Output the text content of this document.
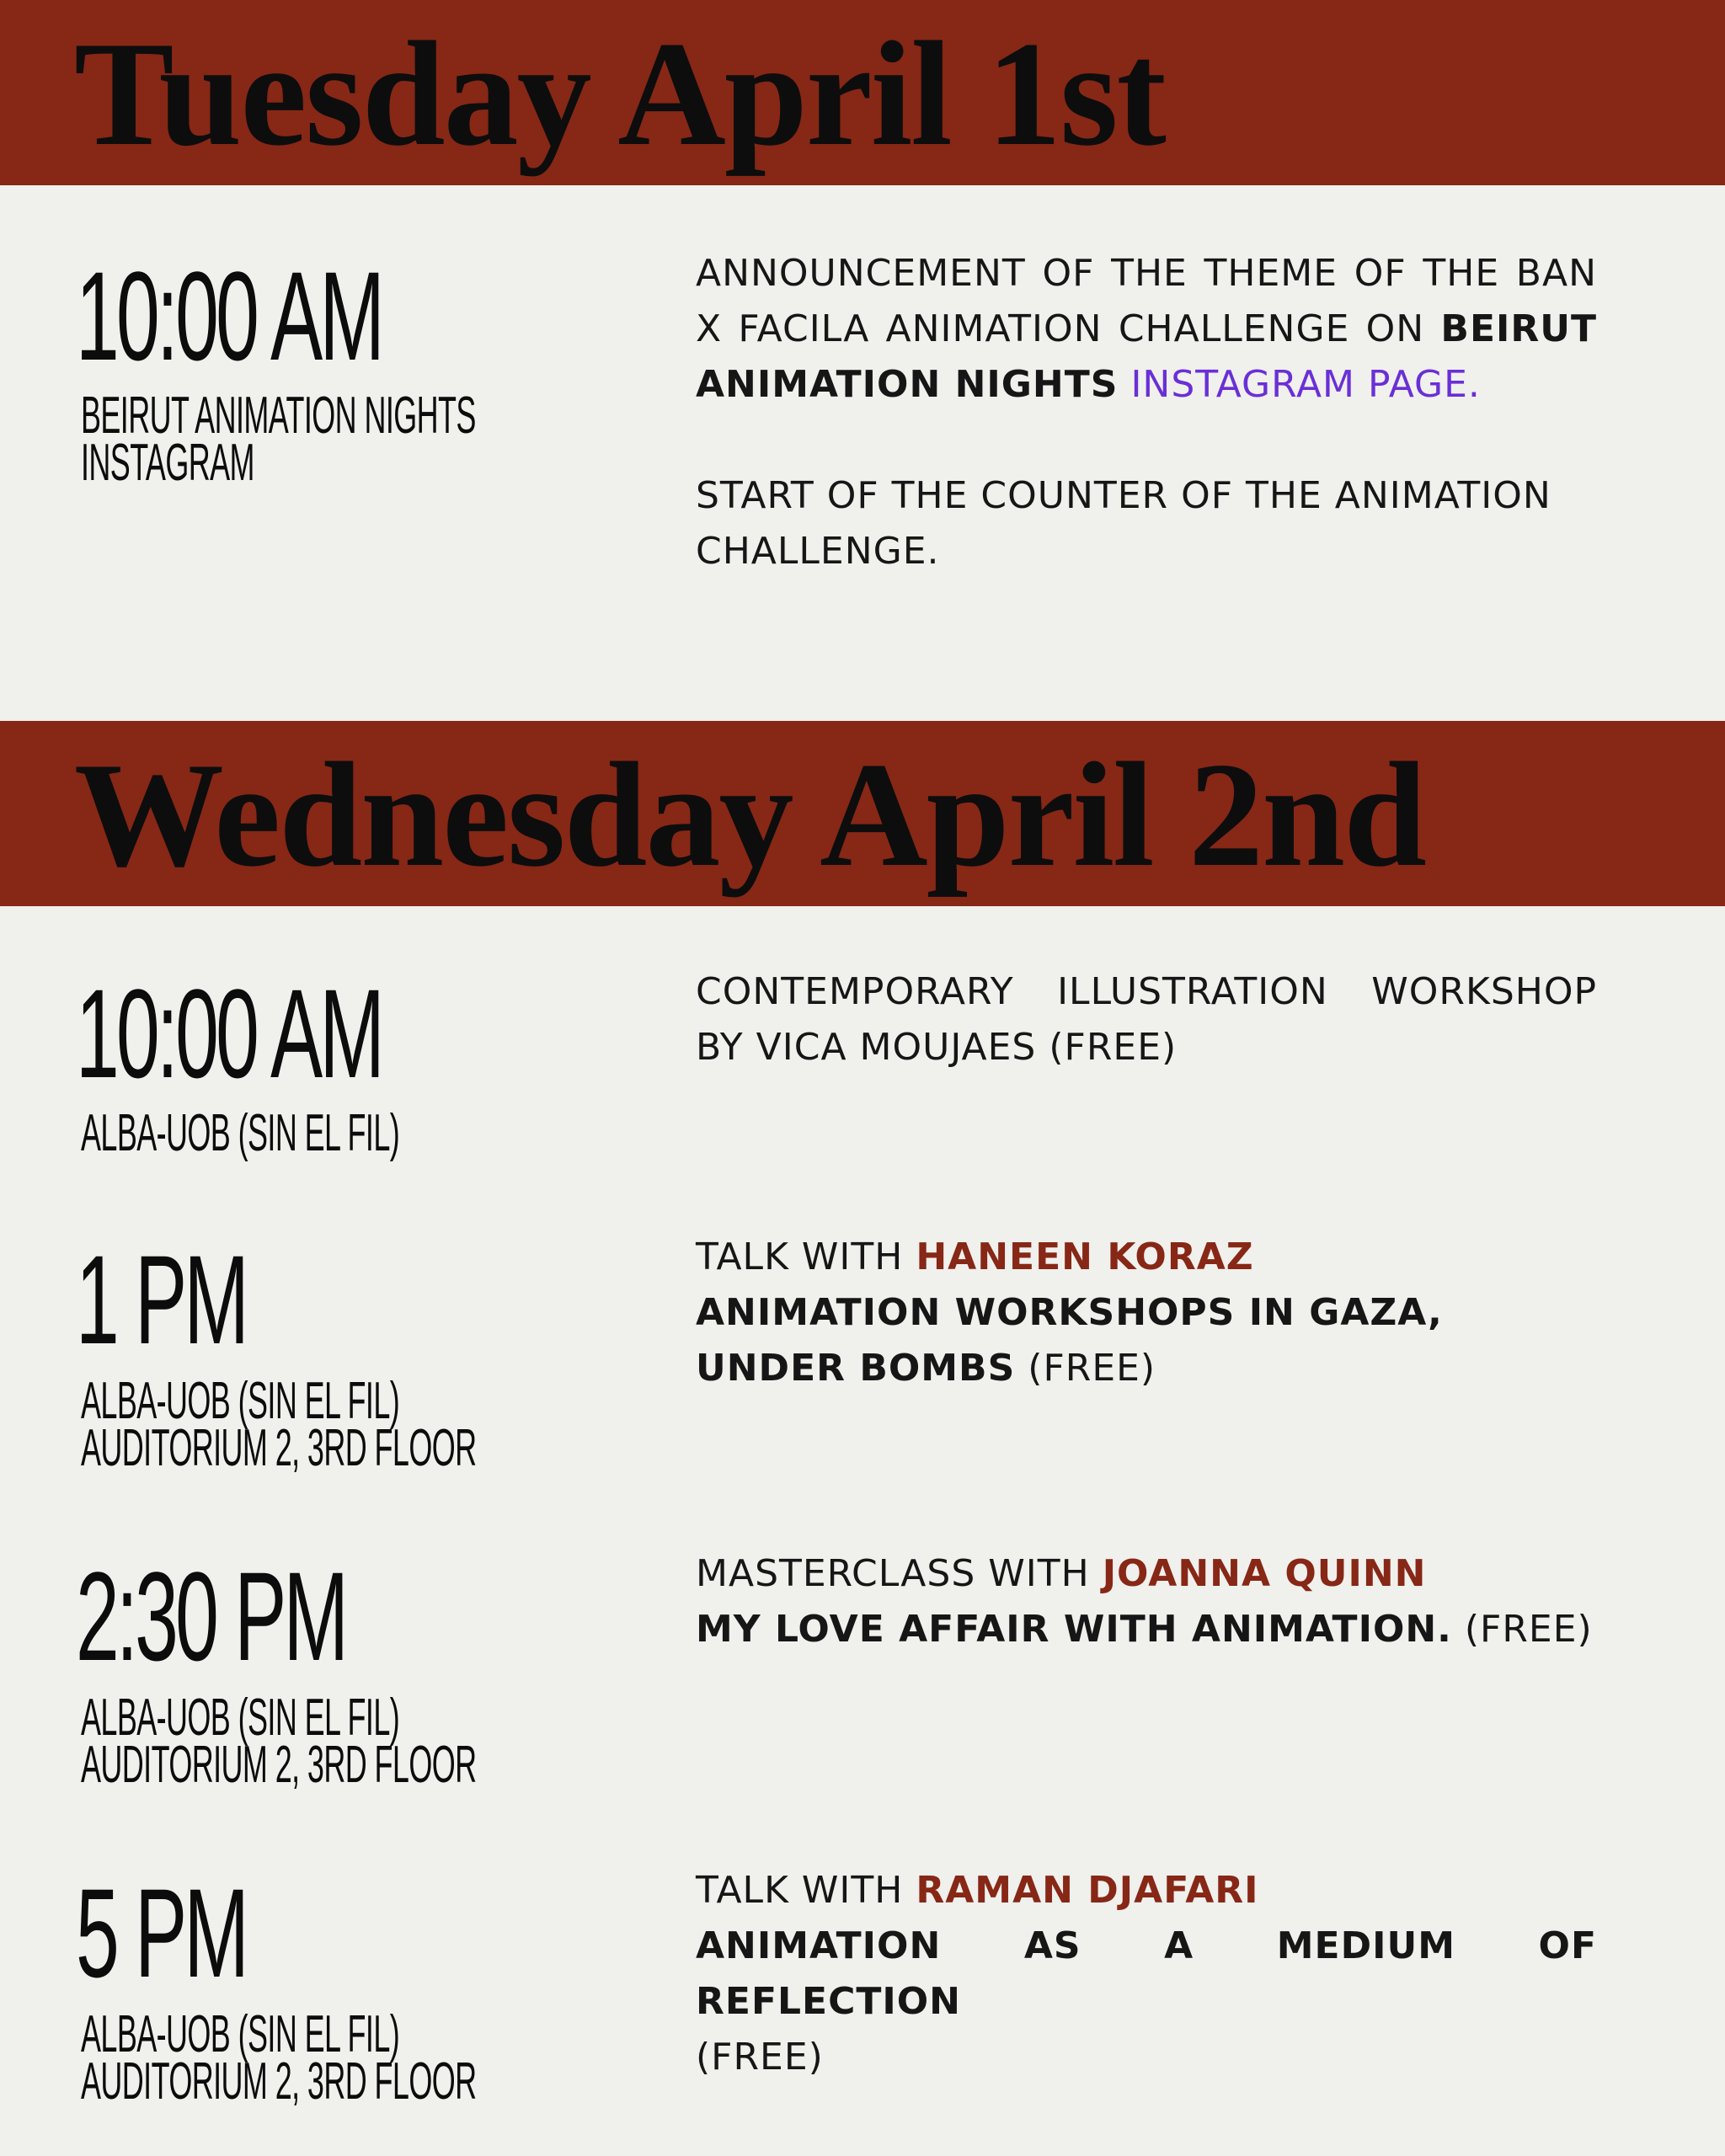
Tuesday April 1st
10:00 AM
BEIRUT ANIMATION NIGHTS
INSTAGRAM

ANNOUNCEMENT OF THE THEME OF THE BAN X FACILA ANIMATION CHALLENGE ON BEIRUT ANIMATION NIGHTS INSTAGRAM PAGE.

START OF THE COUNTER OF THE ANIMATION CHALLENGE.

Wednesday April 2nd
10:00 AM
ALBA-UOB (SIN EL FIL)

CONTEMPORARY ILLUSTRATION WORKSHOP

BY VICA MOUJAES (FREE)

1 PM
ALBA-UOB (SIN EL FIL)
AUDITORIUM 2, 3RD FLOOR

TALK WITH HANEEN KORAZ

ANIMATION WORKSHOPS IN GAZA,

UNDER BOMBS (FREE)

2:30 PM
ALBA-UOB (SIN EL FIL)
AUDITORIUM 2, 3RD FLOOR

MASTERCLASS WITH JOANNA QUINN

MY LOVE AFFAIR WITH ANIMATION. (FREE)

5 PM
ALBA-UOB (SIN EL FIL)
AUDITORIUM 2, 3RD FLOOR

TALK WITH RAMAN DJAFARI

ANIMATION AS A MEDIUM OF REFLECTION

(FREE)
